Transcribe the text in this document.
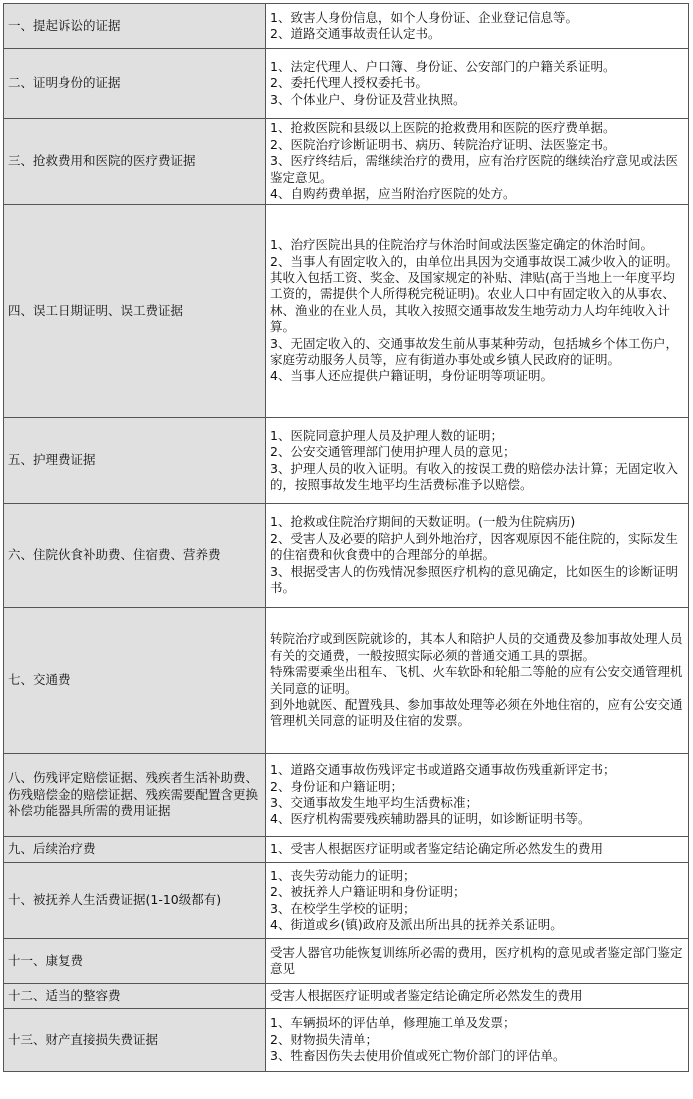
一、提起诉讼的证据	1、致害人身份信息，如个人身份证、企业登记信息等。
2、道路交通事故责任认定书。

二、证明身份的证据	1、法定代理人、户口簿、身份证、公安部门的户籍关系证明。
2、委托代理人授权委托书。
3、个体业户、身份证及营业执照。

三、抢救费用和医院的医疗费证据	1、抢救医院和县级以上医院的抢救费用和医院的医疗费单据。
2、医院治疗诊断证明书、病历、转院治疗证明、法医鉴定书。
3、医疗终结后，需继续治疗的费用，应有治疗医院的继续治疗意见或法医鉴定意见。
4、自购药费单据，应当附治疗医院的处方。

四、误工日期证明、误工费证据	1、治疗医院出具的住院治疗与休治时间或法医鉴定确定的休治时间。
2、当事人有固定收入的，由单位出具因为交通事故误工减少收入的证明。其收入包括工资、奖金、及国家规定的补贴、津贴(高于当地上一年度平均工资的，需提供个人所得税完税证明)。农业人口中有固定收入的从事农、林、渔业的在业人员，其收入按照交通事故发生地劳动力人均年纯收入计算。
3、无固定收入的、交通事故发生前从事某种劳动，包括城乡个体工伤户，家庭劳动服务人员等，应有街道办事处或乡镇人民政府的证明。
4、当事人还应提供户籍证明，身份证明等项证明。

五、护理费证据	1、医院同意护理人员及护理人数的证明；
2、公安交通管理部门使用护理人员的意见；
3、护理人员的收入证明。有收入的按误工费的赔偿办法计算；无固定收入的，按照事故发生地平均生活费标准予以赔偿。

六、住院伙食补助费、住宿费、营养费	1、抢救或住院治疗期间的天数证明。(一般为住院病历)
2、受害人及必要的陪护人到外地治疗，因客观原因不能住院的，实际发生的住宿费和伙食费中的合理部分的单据。
3、根据受害人的伤残情况参照医疗机构的意见确定，比如医生的诊断证明书。

七、交通费	转院治疗或到医院就诊的，其本人和陪护人员的交通费及参加事故处理人员有关的交通费，一般按照实际必须的普通交通工具的票据。
特殊需要乘坐出租车、飞机、火车软卧和轮船二等舱的应有公安交通管理机关同意的证明。
到外地就医、配置残具、参加事故处理等必须在外地住宿的，应有公安交通管理机关同意的证明及住宿的发票。

八、伤残评定赔偿证据、残疾者生活补助费、伤残赔偿金的赔偿证据、残疾需要配置含更换补偿功能器具所需的费用证据	1、道路交通事故伤残评定书或道路交通事故伤残重新评定书；
2、身份证和户籍证明；
3、交通事故发生地平均生活费标准；
4、医疗机构需要残疾辅助器具的证明，如诊断证明书等。

九、后续治疗费	1、受害人根据医疗证明或者鉴定结论确定所必然发生的费用

十、被抚养人生活费证据(1-10级都有)	1、丧失劳动能力的证明；
2、被抚养人户籍证明和身份证明；
3、在校学生学校的证明；
4、街道或乡(镇)政府及派出所出具的抚养关系证明。

十一、康复费	受害人器官功能恢复训练所必需的费用，医疗机构的意见或者鉴定部门鉴定意见

十二、适当的整容费	受害人根据医疗证明或者鉴定结论确定所必然发生的费用

十三、财产直接损失费证据	1、车辆损坏的评估单，修理施工单及发票；
2、财物损失清单；
3、牲畜因伤失去使用价值或死亡物价部门的评估单。
